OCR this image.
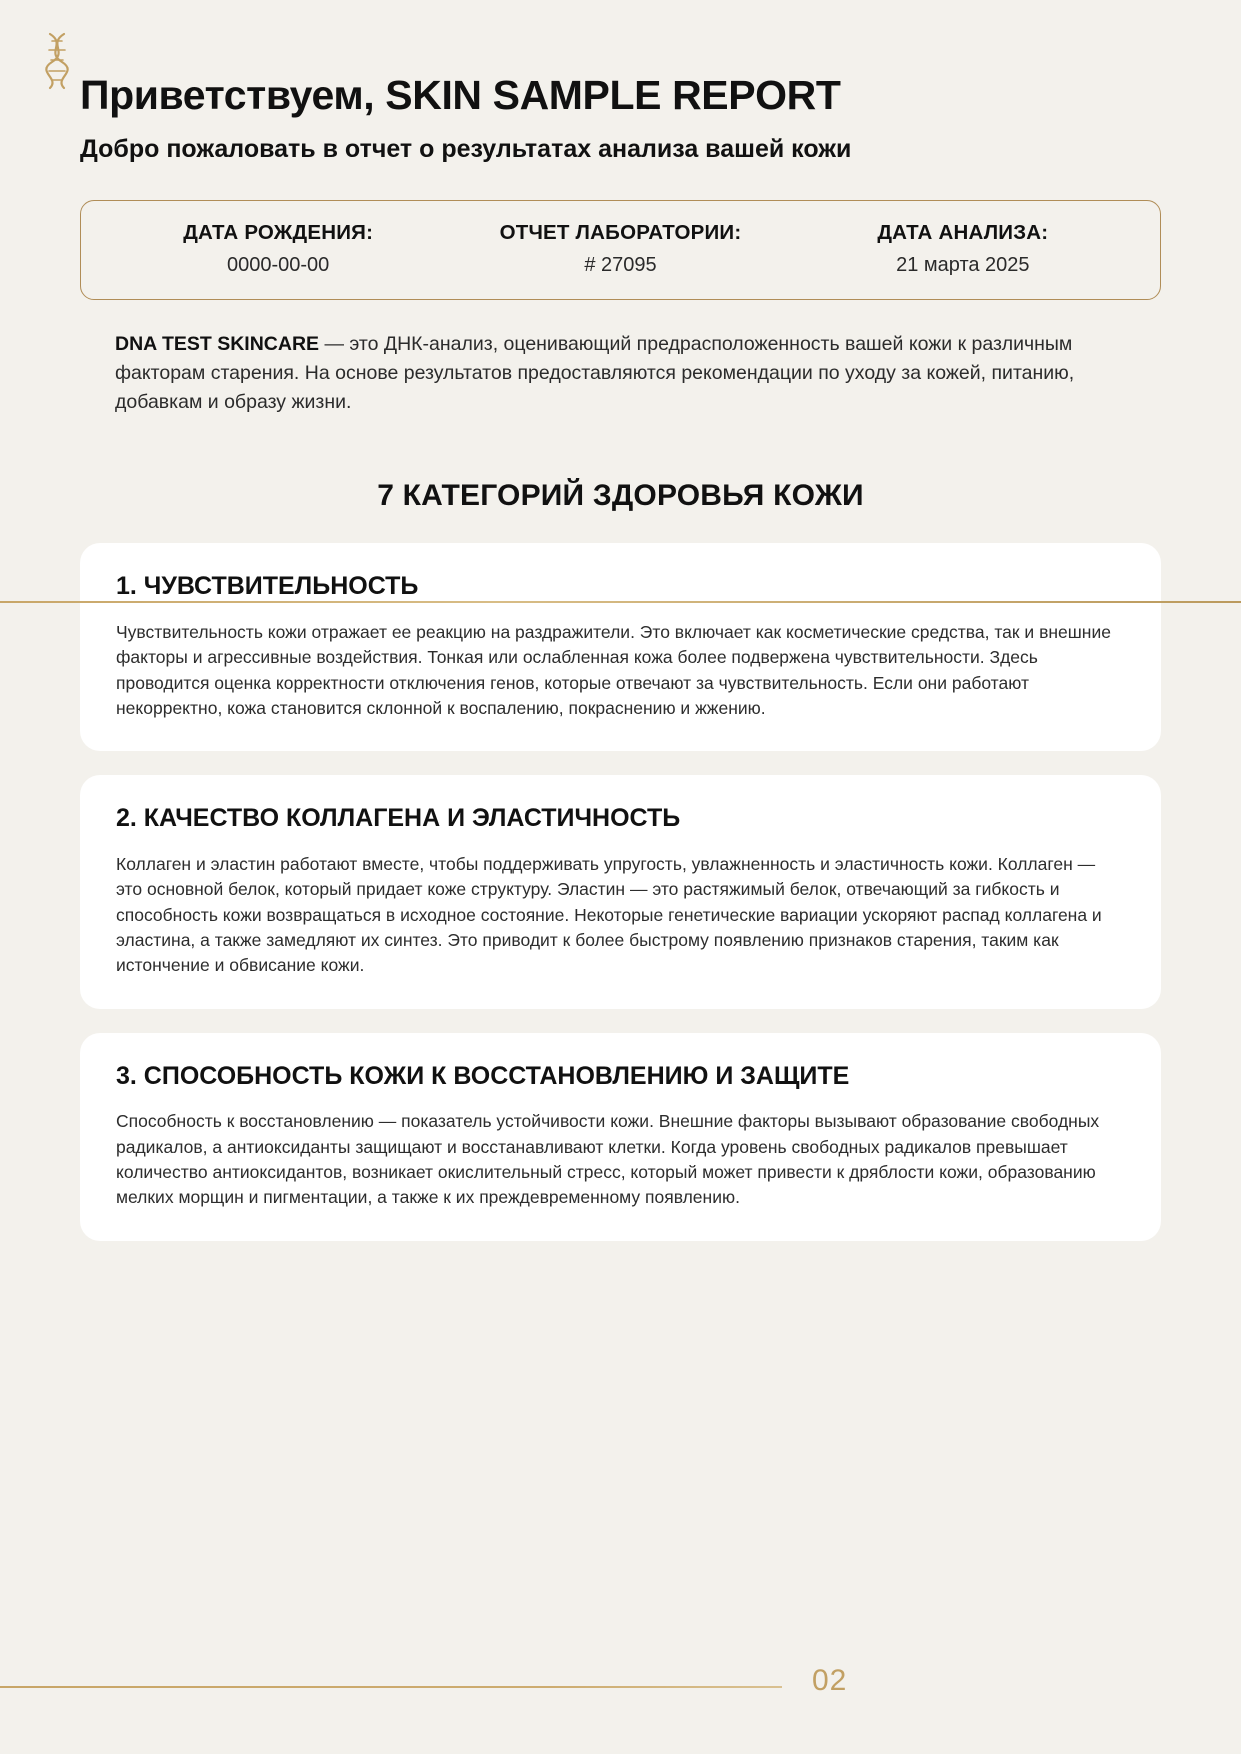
Приветствуем, SKIN SAMPLE REPORT
Добро пожаловать в отчет о результатах анализа вашей кожи
ДАТА РОЖДЕНИЯ:
0000-00-00
ОТЧЕТ ЛАБОРАТОРИИ:
# 27095
ДАТА АНАЛИЗА:
21 марта 2025

DNA TEST SKINCARE — это ДНК-анализ, оценивающий предрасположенность вашей кожи к различным факторам старения. На основе результатов предоставляются рекомендации по уходу за кожей, питанию, добавкам и образу жизни.

7 КАТЕГОРИЙ ЗДОРОВЬЯ КОЖИ
1. ЧУВСТВИТЕЛЬНОСТЬ

Чувствительность кожи отражает ее реакцию на раздражители. Это включает как косметические средства, так и внешние факторы и агрессивные воздействия. Тонкая или ослабленная кожа более подвержена чувствительности. Здесь проводится оценка корректности отключения генов, которые отвечают за чувствительность. Если они работают некорректно, кожа становится склонной к воспалению, покраснению и жжению.

2. КАЧЕСТВО КОЛЛАГЕНА И ЭЛАСТИЧНОСТЬ

Коллаген и эластин работают вместе, чтобы поддерживать упругость, увлажненность и эластичность кожи. Коллаген — это основной белок, который придает коже структуру. Эластин — это растяжимый белок, отвечающий за гибкость и способность кожи возвращаться в исходное состояние. Некоторые генетические вариации ускоряют распад коллагена и эластина, а также замедляют их синтез. Это приводит к более быстрому появлению признаков старения, таким как истончение и обвисание кожи.

3. СПОСОБНОСТЬ КОЖИ К ВОССТАНОВЛЕНИЮ И ЗАЩИТЕ

Способность к восстановлению — показатель устойчивости кожи. Внешние факторы вызывают образование свободных радикалов, а антиоксиданты защищают и восстанавливают клетки. Когда уровень свободных радикалов превышает количество антиоксидантов, возникает окислительный стресс, который может привести к дряблости кожи, образованию мелких морщин и пигментации, а также к их преждевременному появлению.

02
